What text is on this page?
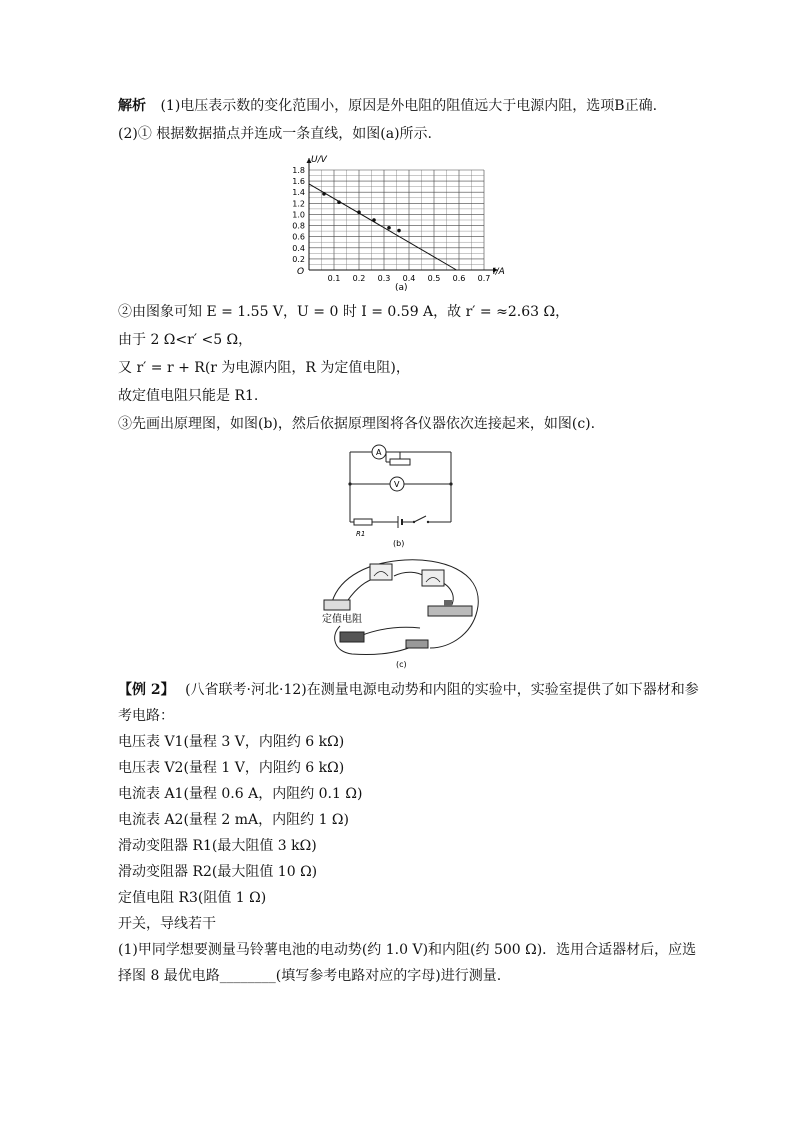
解析 (1)电压表示数的变化范围小，原因是外电阻的阻值远大于电源内阻，选项B正确.
(2)① 根据数据描点并连成一条直线，如图(a)所示.
0.2
0.4
0.6
0.8
1.0
1.2
1.4
1.6
1.8
0.1 0.2 0.3 0.4 0.5 0.6 0.7
U/V
I/A
O
(a)
②由图象可知 E = 1.55 V，U = 0 时 I = 0.59 A，故 r′ = ≈2.63 Ω，
由于 2 Ω<r′ <5 Ω，
又 r′ = r + R(r 为电源内阻，R 为定值电阻)，
故定值电阻只能是 R1.
③先画出原理图，如图(b)，然后依据原理图将各仪器依次连接起来，如图(c).
A
V
R1
(b)
定值电阻
(c)
【例 2】 (八省联考·河北·12)在测量电源电动势和内阻的实验中，实验室提供了如下器材和参
考电路：
电压表 V1(量程 3 V，内阻约 6 kΩ)
电压表 V2(量程 1 V，内阻约 6 kΩ)
电流表 A1(量程 0.6 A，内阻约 0.1 Ω)
电流表 A2(量程 2 mA，内阻约 1 Ω)
滑动变阻器 R1(最大阻值 3 kΩ)
滑动变阻器 R2(最大阻值 10 Ω)
定值电阻 R3(阻值 1 Ω)
开关，导线若干
(1)甲同学想要测量马铃薯电池的电动势(约 1.0 V)和内阻(约 500 Ω)．选用合适器材后，应选
择图 8 最优电路________(填写参考电路对应的字母)进行测量.
